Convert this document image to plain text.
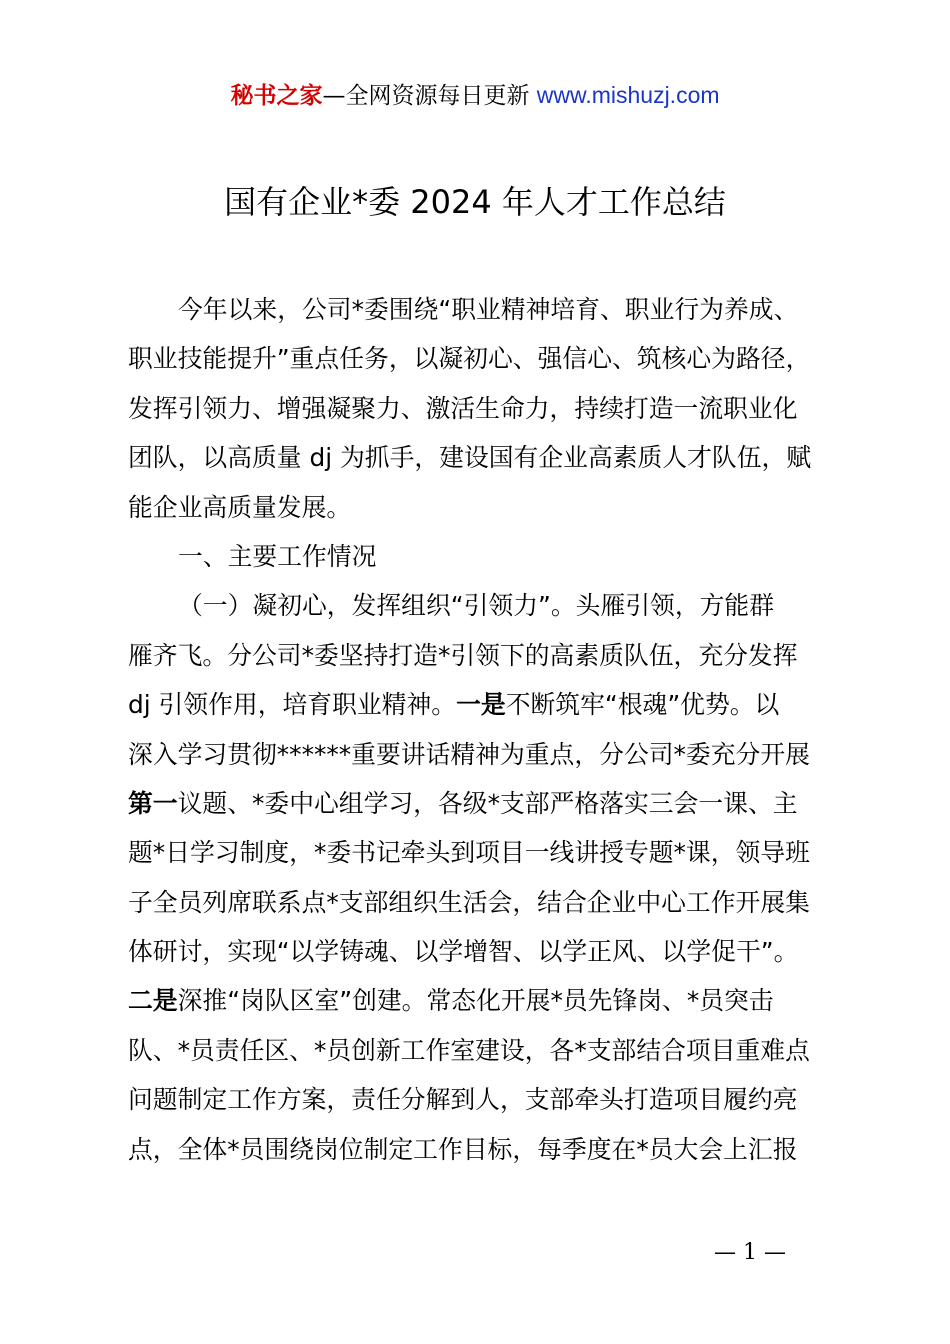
秘书之家—全网资源每日更新 www.mishuzj.com
国有企业*委 2024 年人才工作总结
今年以来，公司*委围绕“职业精神培育、职业行为养成、
职业技能提升”重点任务，以凝初心、强信心、筑核心为路径，
发挥引领力、增强凝聚力、激活生命力，持续打造一流职业化
团队，以高质量 dj 为抓手，建设国有企业高素质人才队伍，赋
能企业高质量发展。
一、主要工作情况
（一）凝初心，发挥组织“引领力”。头雁引领，方能群
雁齐飞。分公司*委坚持打造*引领下的高素质队伍，充分发挥
dj 引领作用，培育职业精神。一是不断筑牢“根魂”优势。以
深入学习贯彻******重要讲话精神为重点，分公司*委充分开展
第一议题、*委中心组学习，各级*支部严格落实三会一课、主
题*日学习制度，*委书记牵头到项目一线讲授专题*课，领导班
子全员列席联系点*支部组织生活会，结合企业中心工作开展集
体研讨，实现“以学铸魂、以学增智、以学正风、以学促干”。
二是深推“岗队区室”创建。常态化开展*员先锋岗、*员突击
队、*员责任区、*员创新工作室建设，各*支部结合项目重难点
问题制定工作方案，责任分解到人，支部牵头打造项目履约亮
点，全体*员围绕岗位制定工作目标，每季度在*员大会上汇报
— 1 —
